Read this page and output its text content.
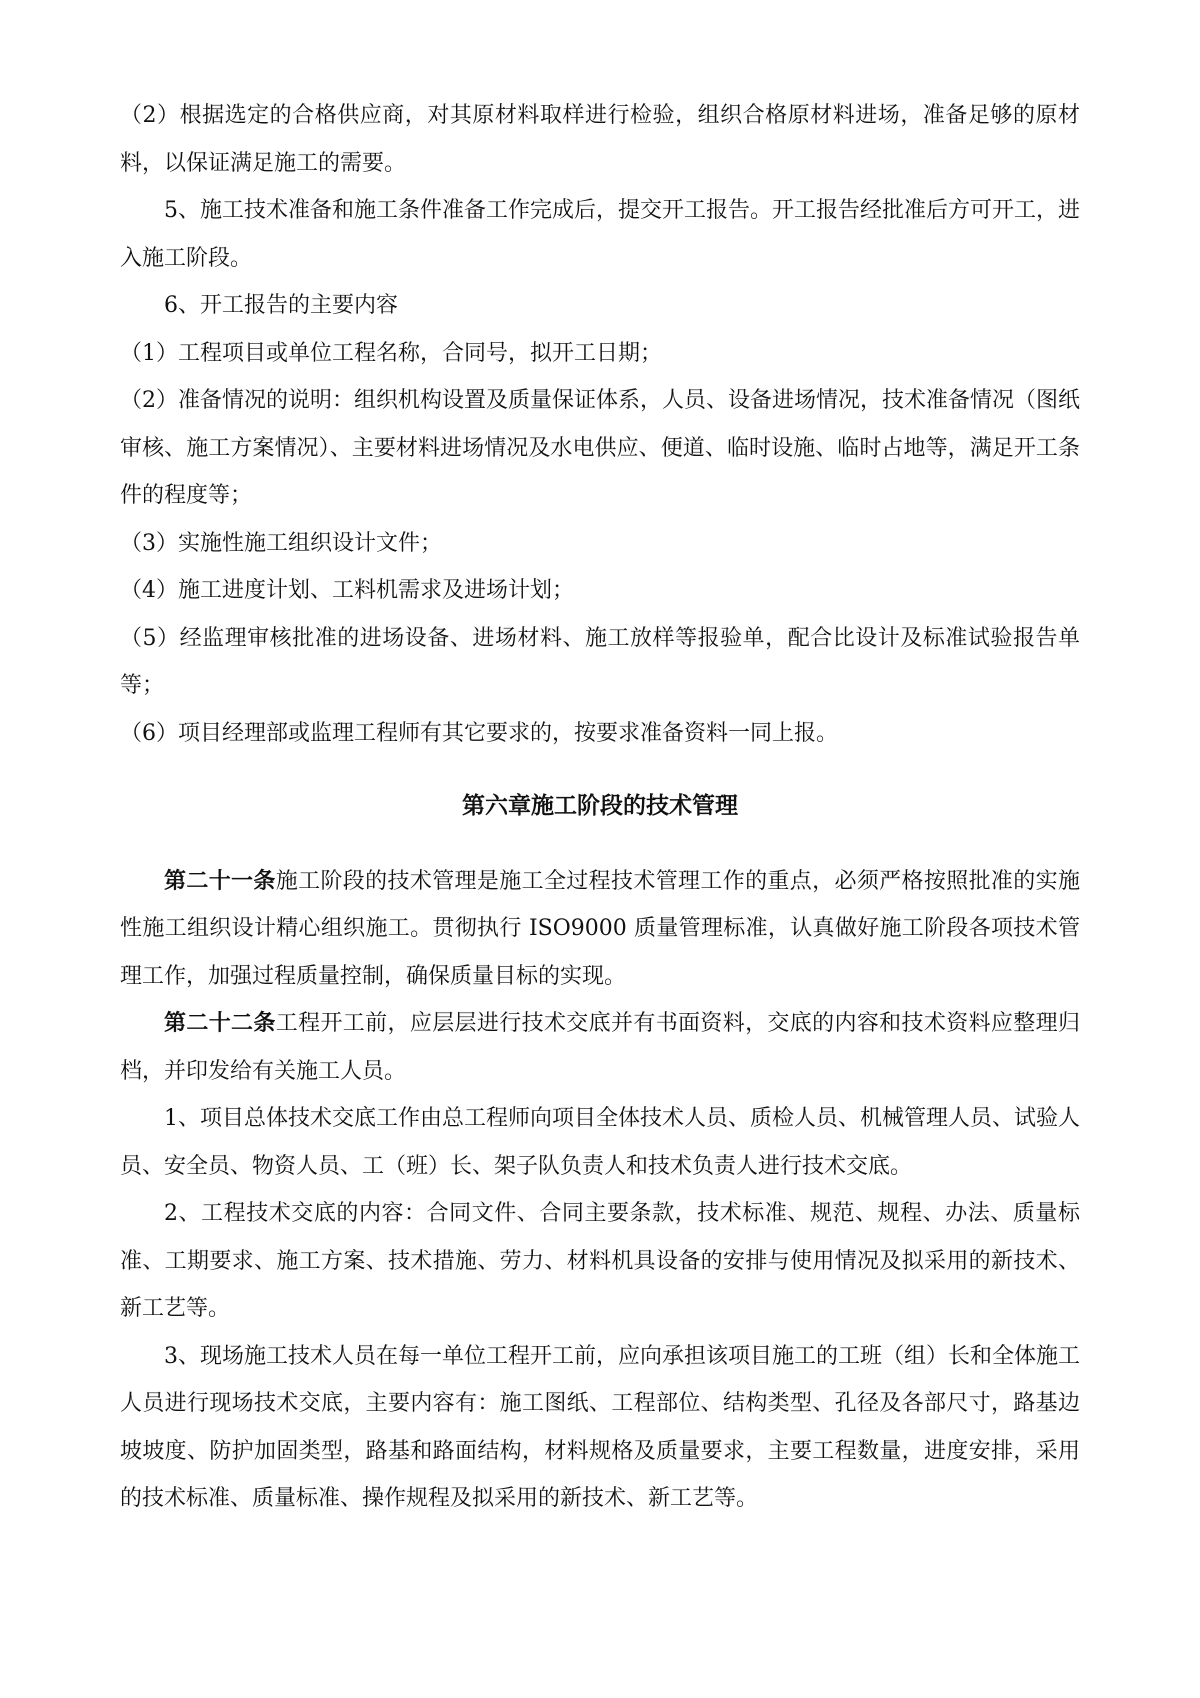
（2）根据选定的合格供应商，对其原材料取样进行检验，组织合格原材料进场，准备足够的原材料，以保证满足施工的需要。

5、施工技术准备和施工条件准备工作完成后，提交开工报告。开工报告经批准后方可开工，进入施工阶段。

6、开工报告的主要内容

（1）工程项目或单位工程名称，合同号，拟开工日期；

（2）准备情况的说明：组织机构设置及质量保证体系，人员、设备进场情况，技术准备情况（图纸审核、施工方案情况）、主要材料进场情况及水电供应、便道、临时设施、临时占地等，满足开工条件的程度等；

（3）实施性施工组织设计文件；

（4）施工进度计划、工料机需求及进场计划；

（5）经监理审核批准的进场设备、进场材料、施工放样等报验单，配合比设计及标准试验报告单等；

（6）项目经理部或监理工程师有其它要求的，按要求准备资料一同上报。

第六章施工阶段的技术管理

第二十一条施工阶段的技术管理是施工全过程技术管理工作的重点，必须严格按照批准的实施性施工组织设计精心组织施工。贯彻执行 ISO9000 质量管理标准，认真做好施工阶段各项技术管理工作，加强过程质量控制，确保质量目标的实现。

第二十二条工程开工前，应层层进行技术交底并有书面资料，交底的内容和技术资料应整理归档，并印发给有关施工人员。

1、项目总体技术交底工作由总工程师向项目全体技术人员、质检人员、机械管理人员、试验人员、安全员、物资人员、工（班）长、架子队负责人和技术负责人进行技术交底。

2、工程技术交底的内容：合同文件、合同主要条款，技术标准、规范、规程、办法、质量标准、工期要求、施工方案、技术措施、劳力、材料机具设备的安排与使用情况及拟采用的新技术、新工艺等。

3、现场施工技术人员在每一单位工程开工前，应向承担该项目施工的工班（组）长和全体施工人员进行现场技术交底，主要内容有：施工图纸、工程部位、结构类型、孔径及各部尺寸，路基边坡坡度、防护加固类型，路基和路面结构，材料规格及质量要求，主要工程数量，进度安排，采用的技术标准、质量标准、操作规程及拟采用的新技术、新工艺等。
